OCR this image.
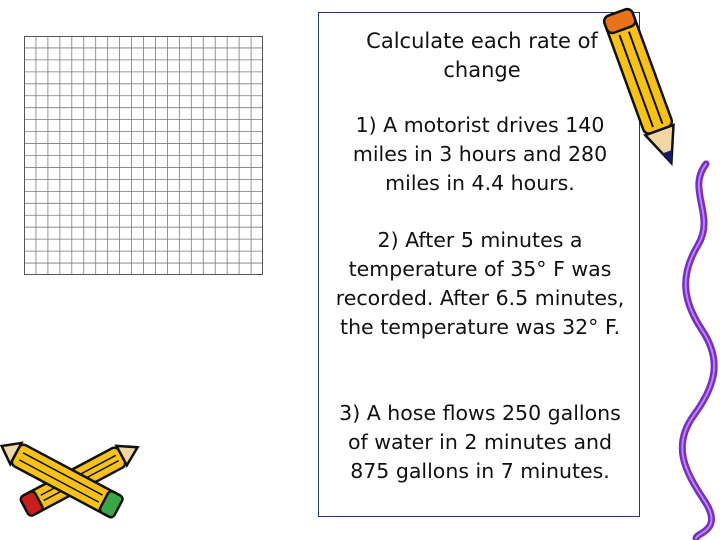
Calculate each rate of change
1) A motorist drives 140 miles in 3 hours and 280 miles in 4.4 hours.
2) After 5 minutes a temperature of 35° F was recorded. After 6.5 minutes, the temperature was 32° F.
3) A hose flows 250 gallons of water in 2 minutes and 875 gallons in 7 minutes.
